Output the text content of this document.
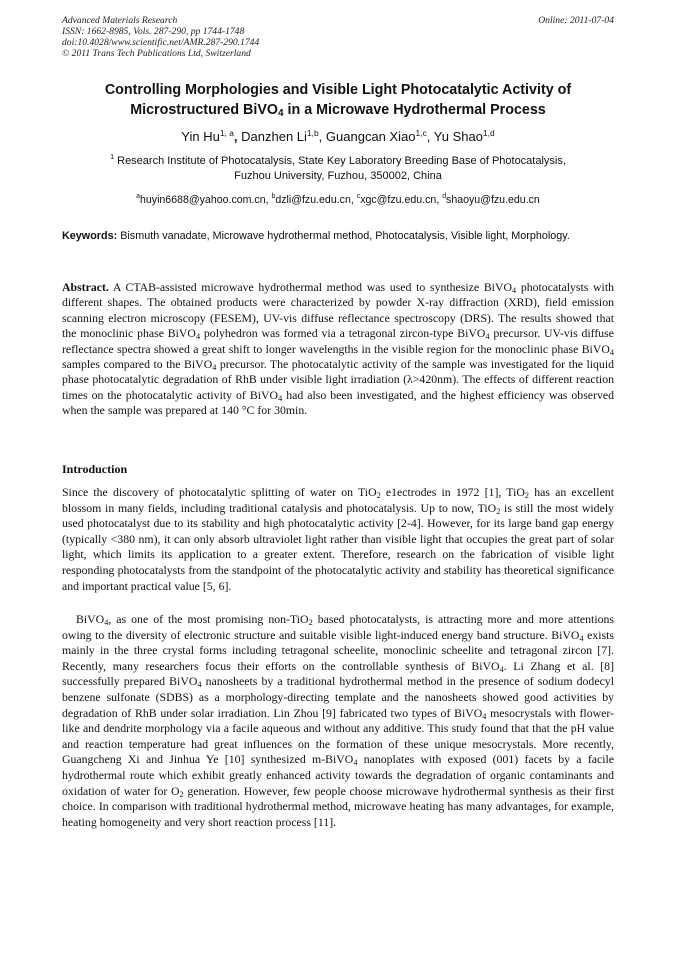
Advanced Materials Research
ISSN: 1662-8985, Vols. 287-290, pp 1744-1748
doi:10.4028/www.scientific.net/AMR.287-290.1744
© 2011 Trans Tech Publications Ltd, Switzerland
Online: 2011-07-04
Controlling Morphologies and Visible Light Photocatalytic Activity of
Microstructured BiVO$_4$ in a Microwave Hydrothermal Process
Yin Hu$^{1, a}$, Danzhen Li$^{1,b}$, Guangcan Xiao$^{1,c}$, Yu Shao$^{1,d}$
$^1$ Research Institute of Photocatalysis, State Key Laboratory Breeding Base of Photocatalysis,
Fuzhou University, Fuzhou, 350002, China
$^a$huyin6688@yahoo.com.cn, $^b$dzli@fzu.edu.cn, $^c$xgc@fzu.edu.cn, $^d$shaoyu@fzu.edu.cn
Keywords: Bismuth vanadate, Microwave hydrothermal method, Photocatalysis, Visible light, Morphology.
Abstract. A CTAB-assisted microwave hydrothermal method was used to synthesize BiVO$_4$ photocatalysts with different shapes. The obtained products were characterized by powder X-ray diffraction (XRD), field emission scanning electron microscopy (FESEM), UV-vis diffuse reflectance spectroscopy (DRS). The results showed that the monoclinic phase BiVO$_4$ polyhedron was formed via a tetragonal zircon-type BiVO$_4$ precursor. UV-vis diffuse reflectance spectra showed a great shift to longer wavelengths in the visible region for the monoclinic phase BiVO$_4$ samples compared to the BiVO$_4$ precursor. The photocatalytic activity of the sample was investigated for the liquid phase photocatalytic degradation of RhB under visible light irradiation (λ>420nm). The effects of different reaction times on the photocatalytic activity of BiVO$_4$ had also been investigated, and the highest efficiency was observed when the sample was prepared at 140 °C for 30min.
Introduction
Since the discovery of photocatalytic splitting of water on TiO$_2$ e1ectrodes in 1972 [1], TiO$_2$ has an excellent blossom in many fields, including traditional catalysis and photocatalysis. Up to now, TiO$_2$ is still the most widely used photocatalyst due to its stability and high photocatalytic activity [2-4]. However, for its large band gap energy (typically <380 nm), it can only absorb ultraviolet light rather than visible light that occupies the great part of solar light, which limits its application to a greater extent. Therefore, research on the fabrication of visible light responding photocatalysts from the standpoint of the photocatalytic activity and stability has theoretical significance and important practical value [5, 6].
BiVO$_4$, as one of the most promising non-TiO$_2$ based photocatalysts, is attracting more and more attentions owing to the diversity of electronic structure and suitable visible light-induced energy band structure. BiVO$_4$ exists mainly in the three crystal forms including tetragonal scheelite, monoclinic scheelite and tetragonal zircon [7]. Recently, many researchers focus their efforts on the controllable synthesis of BiVO$_4$. Li Zhang et al. [8] successfully prepared BiVO$_4$ nanosheets by a traditional hydrothermal method in the presence of sodium dodecyl benzene sulfonate (SDBS) as a morphology-directing template and the nanosheets showed good activities by degradation of RhB under solar irradiation. Lin Zhou [9] fabricated two types of BiVO$_4$ mesocrystals with flower-like and dendrite morphology via a facile aqueous and without any additive. This study found that that the pH value and reaction temperature had great influences on the formation of these unique mesocrystals. More recently, Guangcheng Xi and Jinhua Ye [10] synthesized m-BiVO$_4$ nanoplates with exposed (001) facets by a facile hydrothermal route which exhibit greatly enhanced activity towards the degradation of organic contaminants and oxidation of water for $O_2$ generation. However, few people choose microwave hydrothermal synthesis as their first choice. In comparison with traditional hydrothermal method, microwave heating has many advantages, for example, heating homogeneity and very short reaction process [11].
